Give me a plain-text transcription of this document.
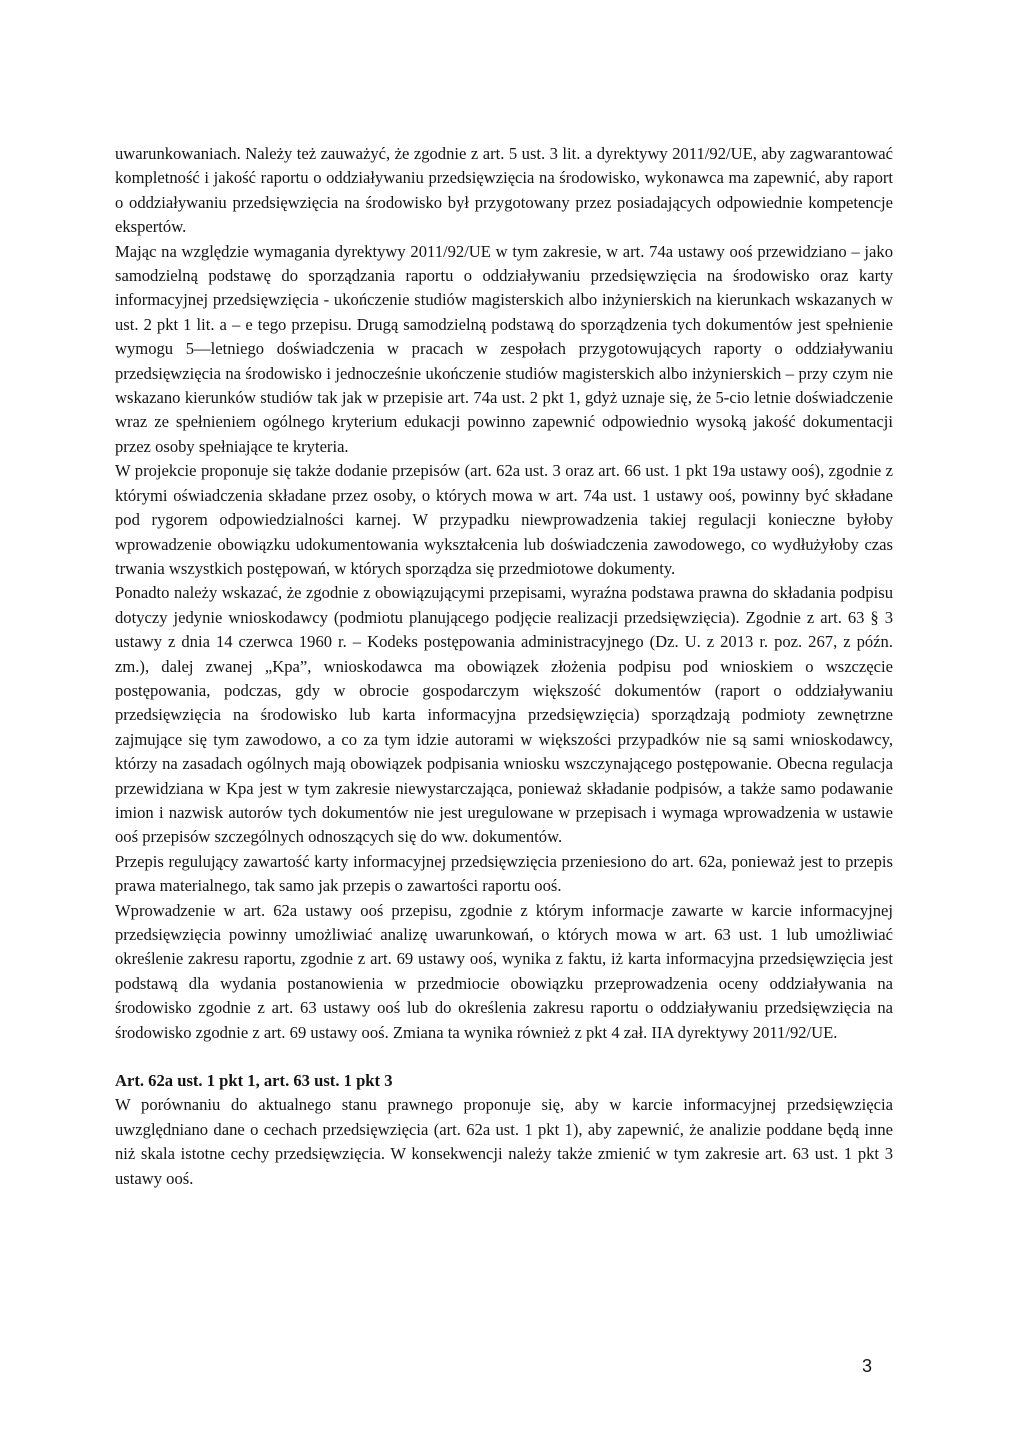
uwarunkowaniach. Należy też zauważyć, że zgodnie z art. 5 ust. 3 lit. a dyrektywy 2011/92/UE, aby zagwarantować kompletność i jakość raportu o oddziaływaniu przedsięwzięcia na środowisko, wykonawca ma zapewnić, aby raport o oddziaływaniu przedsięwzięcia na środowisko był przygotowany przez posiadających odpowiednie kompetencje ekspertów.

Mając na względzie wymagania dyrektywy 2011/92/UE w tym zakresie, w art. 74a ustawy ooś przewidziano – jako samodzielną podstawę do sporządzania raportu o oddziaływaniu przedsięwzięcia na środowisko oraz karty informacyjnej przedsięwzięcia - ukończenie studiów magisterskich albo inżynierskich na kierunkach wskazanych w ust. 2 pkt 1 lit. a – e tego przepisu. Drugą samodzielną podstawą do sporządzenia tych dokumentów jest spełnienie wymogu 5—letniego doświadczenia w pracach w zespołach przygotowujących raporty o oddziaływaniu przedsięwzięcia na środowisko i jednocześnie ukończenie studiów magisterskich albo inżynierskich – przy czym nie wskazano kierunków studiów tak jak w przepisie art. 74a ust. 2 pkt 1, gdyż uznaje się, że 5-cio letnie doświadczenie wraz ze spełnieniem ogólnego kryterium edukacji powinno zapewnić odpowiednio wysoką jakość dokumentacji przez osoby spełniające te kryteria.

W projekcie proponuje się także dodanie przepisów (art. 62a ust. 3 oraz art. 66 ust. 1 pkt 19a ustawy ooś), zgodnie z którymi oświadczenia składane przez osoby, o których mowa w art. 74a ust. 1 ustawy ooś, powinny być składane pod rygorem odpowiedzialności karnej. W przypadku niewprowadzenia takiej regulacji konieczne byłoby wprowadzenie obowiązku udokumentowania wykształcenia lub doświadczenia zawodowego, co wydłużyłoby czas trwania wszystkich postępowań, w których sporządza się przedmiotowe dokumenty.

Ponadto należy wskazać, że zgodnie z obowiązującymi przepisami, wyraźna podstawa prawna do składania podpisu dotyczy jedynie wnioskodawcy (podmiotu planującego podjęcie realizacji przedsięwzięcia). Zgodnie z art. 63 § 3 ustawy z dnia 14 czerwca 1960 r. – Kodeks postępowania administracyjnego (Dz. U. z 2013 r. poz. 267, z późn. zm.), dalej zwanej „Kpa”, wnioskodawca ma obowiązek złożenia podpisu pod wnioskiem o wszczęcie postępowania, podczas, gdy w obrocie gospodarczym większość dokumentów (raport o oddziaływaniu przedsięwzięcia na środowisko lub karta informacyjna przedsięwzięcia) sporządzają podmioty zewnętrzne zajmujące się tym zawodowo, a co za tym idzie autorami w większości przypadków nie są sami wnioskodawcy, którzy na zasadach ogólnych mają obowiązek podpisania wniosku wszczynającego postępowanie. Obecna regulacja przewidziana w Kpa jest w tym zakresie niewystarczająca, ponieważ składanie podpisów, a także samo podawanie imion i nazwisk autorów tych dokumentów nie jest uregulowane w przepisach i wymaga wprowadzenia w ustawie ooś przepisów szczególnych odnoszących się do ww. dokumentów.

Przepis regulujący zawartość karty informacyjnej przedsięwzięcia przeniesiono do art. 62a, ponieważ jest to przepis prawa materialnego, tak samo jak przepis o zawartości raportu ooś.

Wprowadzenie w art. 62a ustawy ooś przepisu, zgodnie z którym informacje zawarte w karcie informacyjnej przedsięwzięcia powinny umożliwiać analizę uwarunkowań, o których mowa w art. 63 ust. 1 lub umożliwiać określenie zakresu raportu, zgodnie z art. 69 ustawy ooś, wynika z faktu, iż karta informacyjna przedsięwzięcia jest podstawą dla wydania postanowienia w przedmiocie obowiązku przeprowadzenia oceny oddziaływania na środowisko zgodnie z art. 63 ustawy ooś lub do określenia zakresu raportu o oddziaływaniu przedsięwzięcia na środowisko zgodnie z art. 69 ustawy ooś. Zmiana ta wynika również z pkt 4 zał. IIA dyrektywy 2011/92/UE.

Art. 62a ust. 1 pkt 1, art. 63 ust. 1 pkt 3

W porównaniu do aktualnego stanu prawnego proponuje się, aby w karcie informacyjnej przedsięwzięcia uwzględniano dane o cechach przedsięwzięcia (art. 62a ust. 1 pkt 1), aby zapewnić, że analizie poddane będą inne niż skala istotne cechy przedsięwzięcia. W konsekwencji należy także zmienić w tym zakresie art. 63 ust. 1 pkt 3 ustawy ooś.

3
